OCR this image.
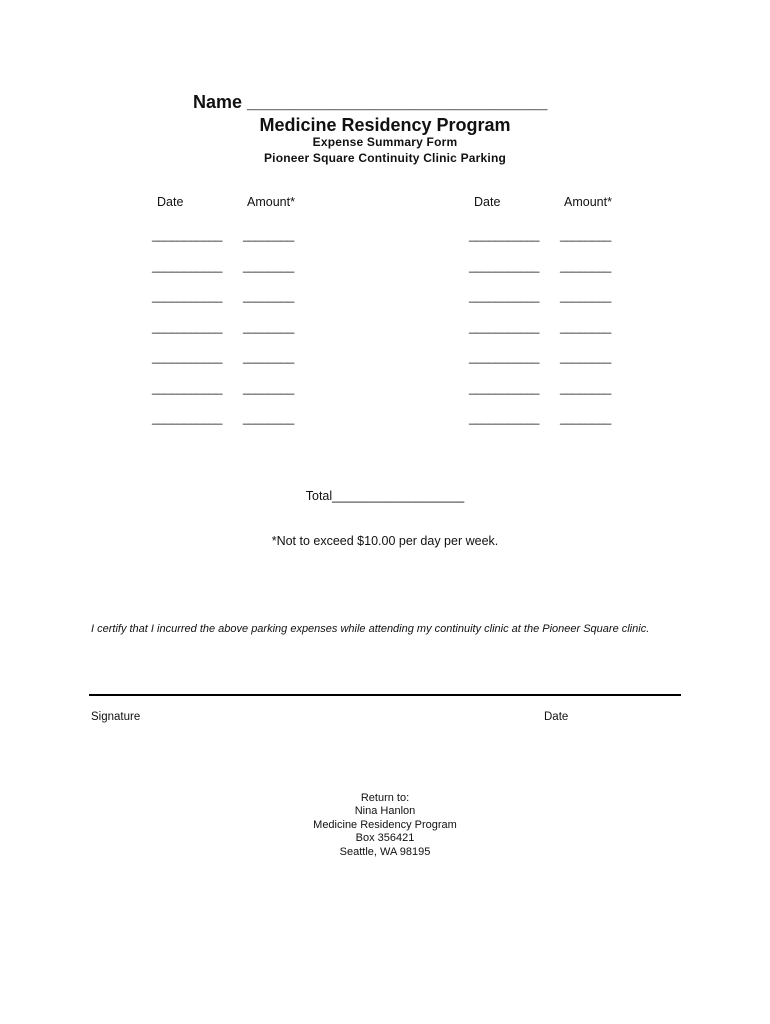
Name ______________________________
Medicine Residency Program
Expense Summary Form
Pioneer Square Continuity Clinic Parking
Date	Amount*	Date	Amount*
___________ ________	___________ ________
___________ ________	___________ ________
___________ ________	___________ ________
___________ ________	___________ ________
___________ ________	___________ ________
___________ ________	___________ ________
___________ ________	___________ ________
Total___________________
*Not to exceed $10.00 per day per week.
I certify that I incurred the above parking expenses while attending my continuity clinic at the Pioneer Square clinic.
Signature	Date
Return to:
Nina Hanlon
Medicine Residency Program
Box 356421
Seattle, WA 98195
